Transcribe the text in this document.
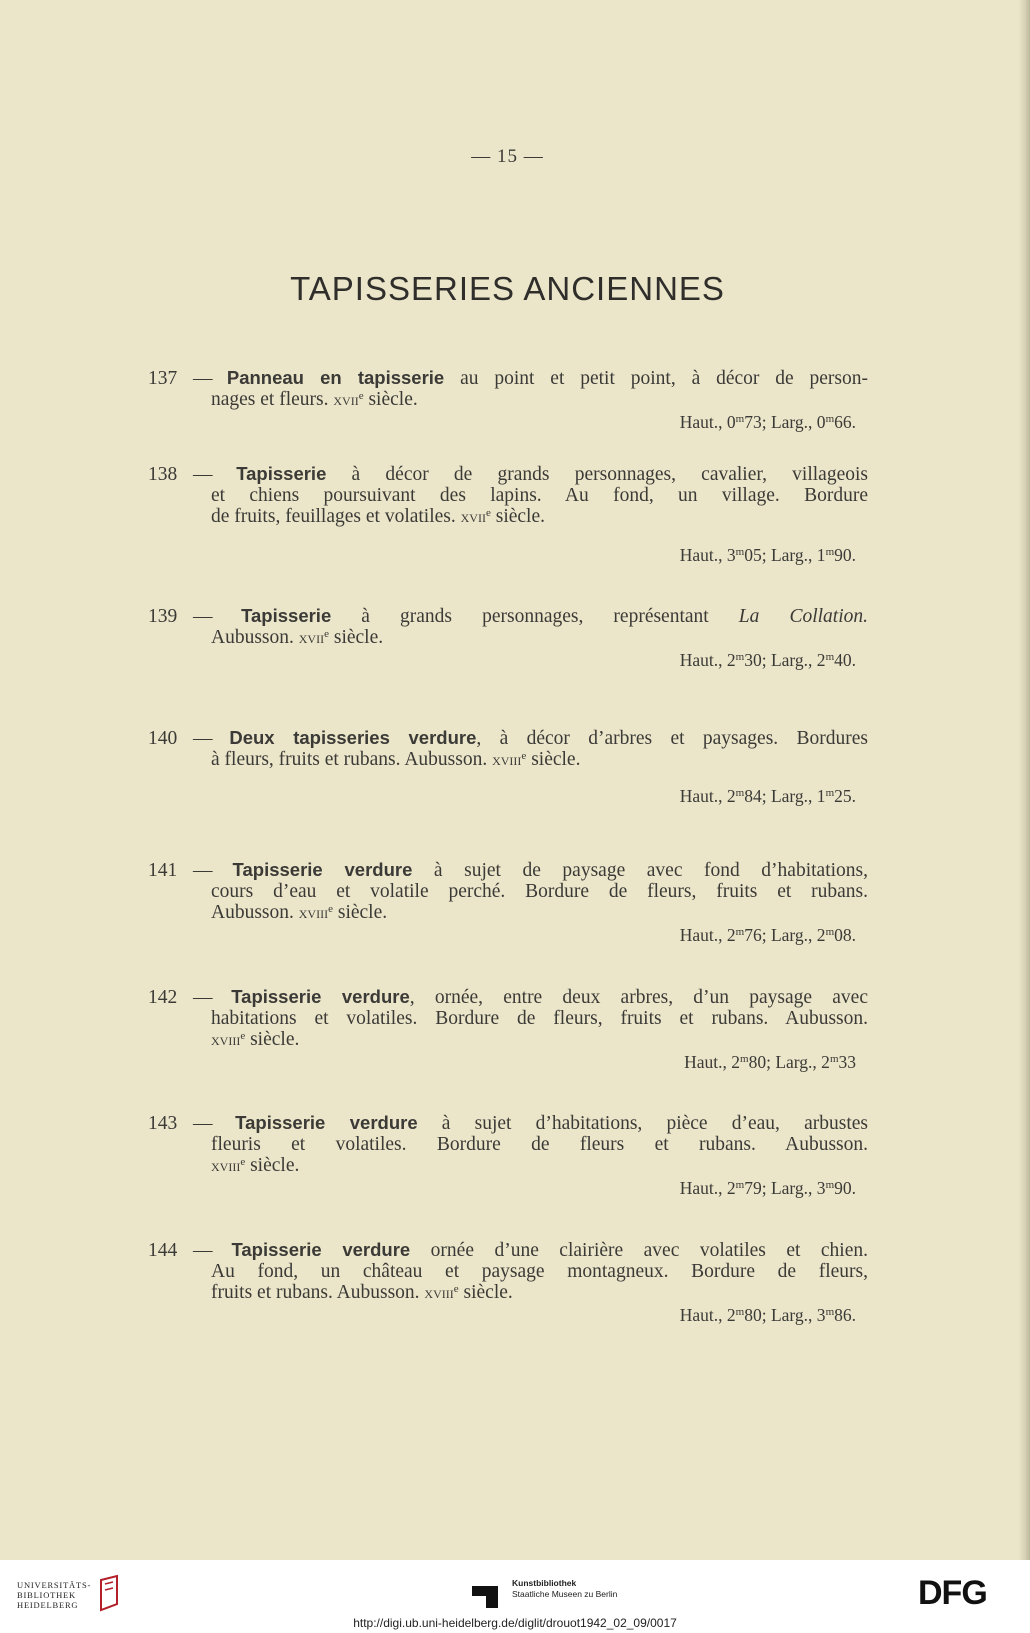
— 15 —
TAPISSERIES ANCIENNES
137 — Panneau en tapisserie au point et petit point, à décor de person-
nages et fleurs. xvii$^e$ siècle.
Haut., 0$^m$73; Larg., 0$^m$66.
138 — Tapisserie à décor de grands personnages, cavalier, villageois
et chiens poursuivant des lapins. Au fond, un village. Bordure
de fruits, feuillages et volatiles. xvii$^e$ siècle.
Haut., 3$^m$05; Larg., 1$^m$90.
139 — Tapisserie à grands personnages, représentant La Collation.
Aubusson. xvii$^e$ siècle.
Haut., 2$^m$30; Larg., 2$^m$40.
140 — Deux tapisseries verdure, à décor d’arbres et paysages. Bordures
à fleurs, fruits et rubans. Aubusson. xviii$^e$ siècle.
Haut., 2$^m$84; Larg., 1$^m$25.
141 — Tapisserie verdure à sujet de paysage avec fond d’habitations,
cours d’eau et volatile perché. Bordure de fleurs, fruits et rubans.
Aubusson. xviii$^e$ siècle.
Haut., 2$^m$76; Larg., 2$^m$08.
142 — Tapisserie verdure, ornée, entre deux arbres, d’un paysage avec
habitations et volatiles. Bordure de fleurs, fruits et rubans. Aubusson.
xviii$^e$ siècle.
Haut., 2$^m$80; Larg., 2$^m$33
143 — Tapisserie verdure à sujet d’habitations, pièce d’eau, arbustes
fleuris et volatiles. Bordure de fleurs et rubans. Aubusson.
xviii$^e$ siècle.
Haut., 2$^m$79; Larg., 3$^m$90.
144 — Tapisserie verdure ornée d’une clairière avec volatiles et chien.
Au fond, un château et paysage montagneux. Bordure de fleurs,
fruits et rubans. Aubusson. xviii$^e$ siècle.
Haut., 2$^m$80; Larg., 3$^m$86.
UNIVERSITÄTS-
BIBLIOTHEK
HEIDELBERG
Kunstbibliothek
Staatliche Museen zu Berlin	DFG
http://digi.ub.uni-heidelberg.de/diglit/drouot1942_02_09/0017
